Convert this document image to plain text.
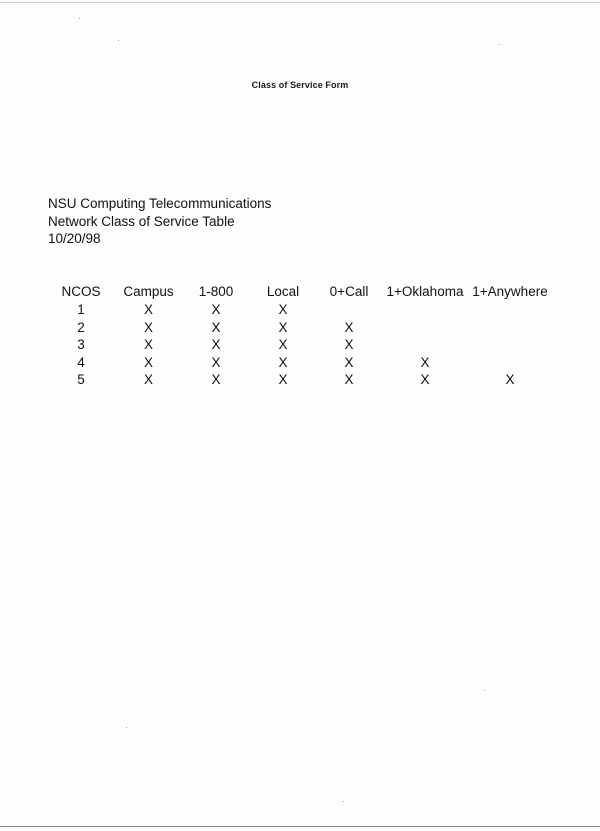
Class of Service Form
NSU Computing Telecommunications
Network Class of Service Table
10/20/98
NCOS	Campus	1-800	Local	0+Call	1+Oklahoma	1+Anywhere
1	X	X	X			
2	X	X	X	X		
3	X	X	X	X		
4	X	X	X	X	X	
5	X	X	X	X	X	X
